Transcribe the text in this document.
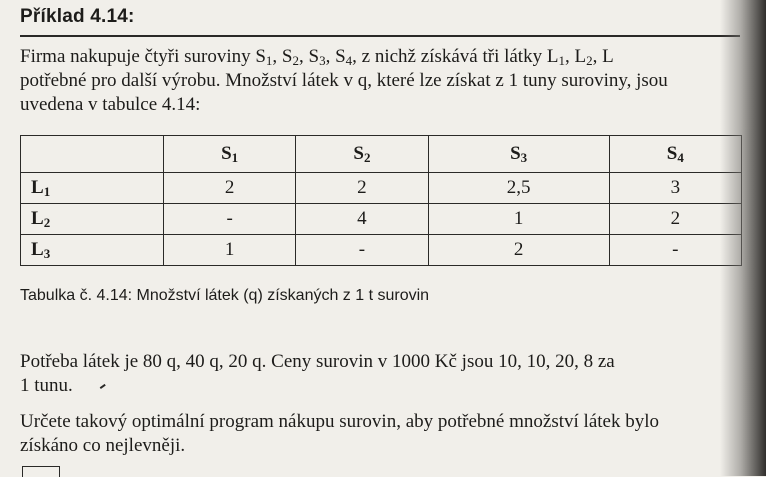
Příklad 4.14:
Firma nakupuje čtyři suroviny $S_1$, $S_2$, $S_3$, $S_4$, z nichž získává tři látky $L_1$, $L_2$, L
potřebné pro další výrobu. Množství látek v q, které lze získat z 1 tuny suroviny, jsou
uvedena v tabulce 4.14:
	$S_1$	$S_2$	$S_3$	$S_4$
$L_1$	2	2	2,5	3
$L_2$	-	4	1	2
$L_3$	1	-	2	-
Tabulka č. 4.14: Množství látek (q) získaných z 1 t surovin
Potřeba látek je 80 q, 40 q, 20 q. Ceny surovin v 1000 Kč jsou 10, 10, 20, 8 za
1 tunu.
Určete takový optimální program nákupu surovin, aby potřebné množství látek bylo
získáno co nejlevněji.
